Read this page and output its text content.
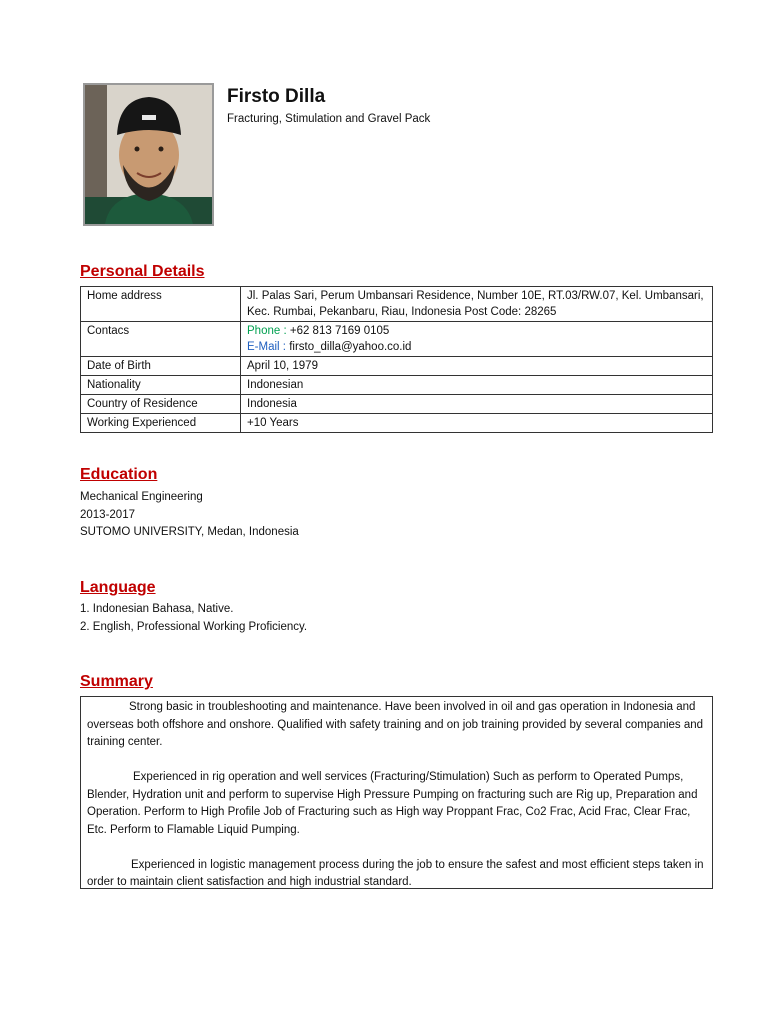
Firsto Dilla
Fracturing, Stimulation and Gravel Pack
Personal Details
Home address	Jl. Palas Sari, Perum Umbansari Residence, Number 10E, RT.03/RW.07, Kel. Umbansari, Kec. Rumbai, Pekanbaru, Riau, Indonesia Post Code: 28265
Contacs	Phone : +62 813 7169 0105
E-Mail : firsto_dilla@yahoo.co.id

Date of Birth	April 10, 1979
Nationality	Indonesian
Country of Residence	Indonesia
Working Experienced	+10 Years
Education
Mechanical Engineering
2013-2017
SUTOMO UNIVERSITY, Medan, Indonesia
Language
1. Indonesian Bahasa, Native.
2. English, Professional Working Proficiency.
Summary

Strong basic in troubleshooting and maintenance. Have been involved in oil and gas operation in Indonesia and overseas both offshore and onshore. Qualified with safety training and on job training provided by several companies and training center.

Experienced in rig operation and well services (Fracturing/Stimulation) Such as perform to Operated Pumps, Blender, Hydration unit and perform to supervise High Pressure Pumping on fracturing such are Rig up, Preparation and Operation. Perform to High Profile Job of Fracturing such as High way Proppant Frac, Co2 Frac, Acid Frac, Clear Frac, Etc. Perform to Flamable Liquid Pumping.

Experienced in logistic management process during the job to ensure the safest and most efficient steps taken in order to maintain client satisfaction and high industrial standard.
